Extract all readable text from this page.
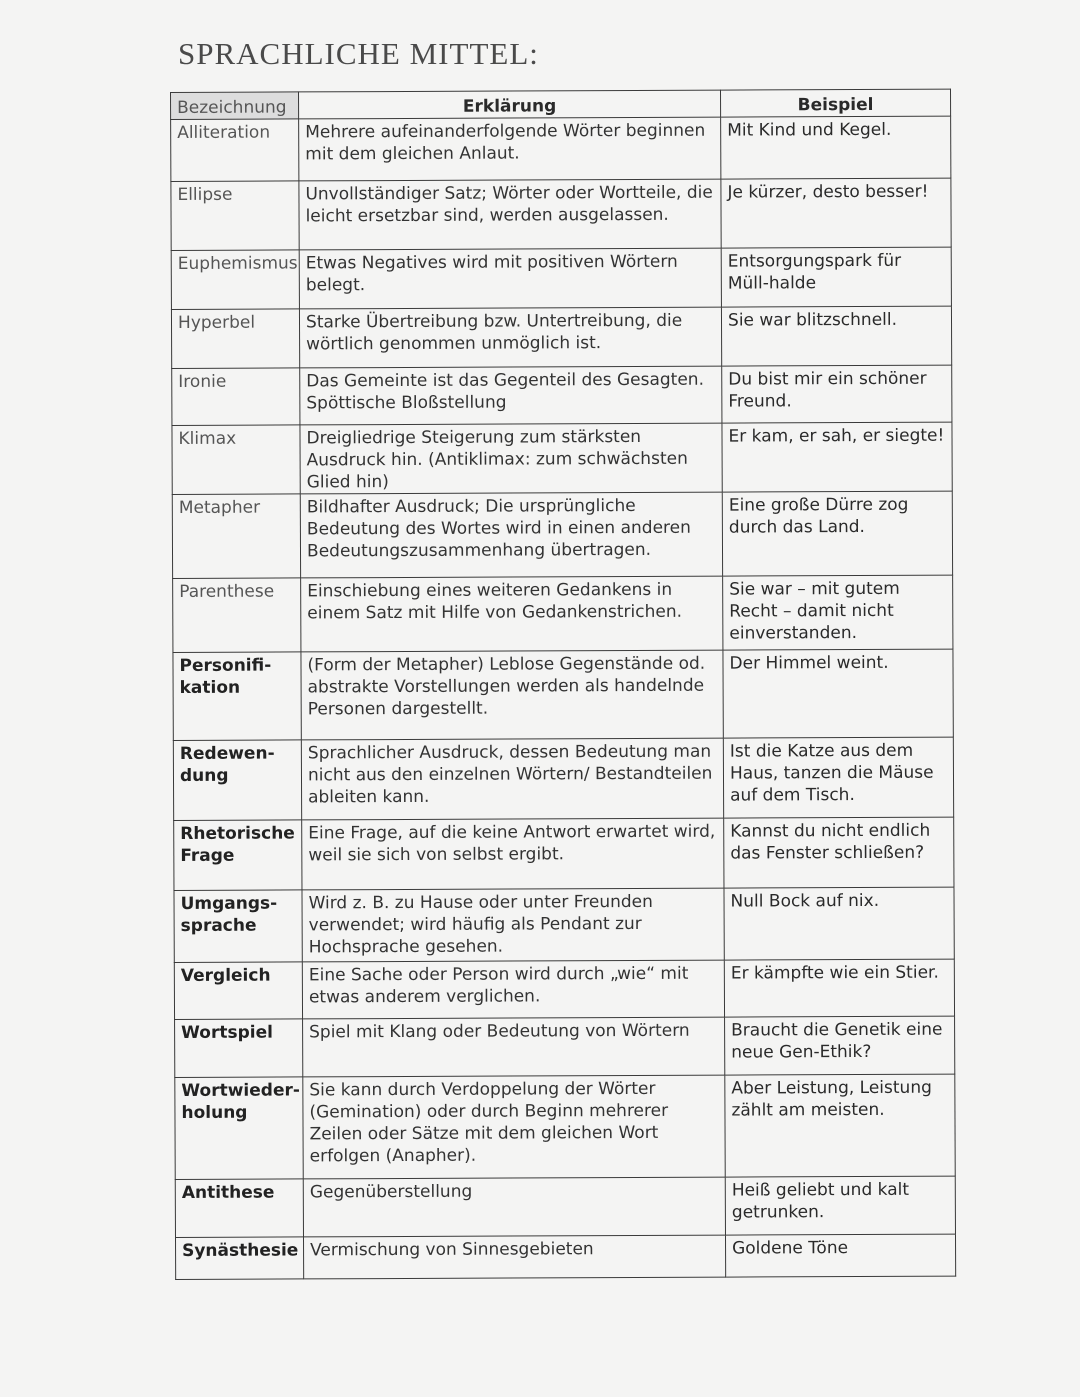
SPRACHLICHE MITTEL:
Bezeichnung	Erklärung	Beispiel
Alliteration	Mehrere aufeinanderfolgende Wörter beginnen mit dem gleichen Anlaut.	Mit Kind und Kegel.
Ellipse	Unvollständiger Satz; Wörter oder Wortteile, die leicht ersetzbar sind, werden ausgelassen.	Je kürzer, desto besser!
Euphemismus	Etwas Negatives wird mit positiven Wörtern belegt.	Entsorgungspark für Müll-halde
Hyperbel	Starke Übertreibung bzw. Untertreibung, die wörtlich genommen unmöglich ist.	Sie war blitzschnell.
Ironie	Das Gemeinte ist das Gegenteil des Gesagten. Spöttische Bloßstellung	Du bist mir ein schöner Freund.
Klimax	Dreigliedrige Steigerung zum stärksten Ausdruck hin. (Antiklimax: zum schwächsten Glied hin)	Er kam, er sah, er siegte!
Metapher	Bildhafter Ausdruck; Die ursprüngliche Bedeutung des Wortes wird in einen anderen Bedeutungszusammenhang übertragen.	Eine große Dürre zog durch das Land.
Parenthese	Einschiebung eines weiteren Gedankens in einem Satz mit Hilfe von Gedankenstrichen.	Sie war – mit gutem Recht – damit nicht einverstanden.
Personifi-kation	(Form der Metapher) Leblose Gegenstände od. abstrakte Vorstellungen werden als handelnde Personen dargestellt.	Der Himmel weint.
Redewen-dung	Sprachlicher Ausdruck, dessen Bedeutung man nicht aus den einzelnen Wörtern/ Bestandteilen ableiten kann.	Ist die Katze aus dem Haus, tanzen die Mäuse auf dem Tisch.
Rhetorische Frage	Eine Frage, auf die keine Antwort erwartet wird, weil sie sich von selbst ergibt.	Kannst du nicht endlich das Fenster schließen?
Umgangs-sprache	Wird z. B. zu Hause oder unter Freunden verwendet; wird häufig als Pendant zur Hochsprache gesehen.	Null Bock auf nix.
Vergleich	Eine Sache oder Person wird durch „wie“ mit etwas anderem verglichen.	Er kämpfte wie ein Stier.
Wortspiel	Spiel mit Klang oder Bedeutung von Wörtern	Braucht die Genetik eine neue Gen-Ethik?
Wortwieder-holung	Sie kann durch Verdoppelung der Wörter (Gemination) oder durch Beginn mehrerer Zeilen oder Sätze mit dem gleichen Wort erfolgen (Anapher).	Aber Leistung, Leistung zählt am meisten.
Antithese	Gegenüberstellung	Heiß geliebt und kalt getrunken.
Synästhesie	Vermischung von Sinnesgebieten	Goldene Töne
